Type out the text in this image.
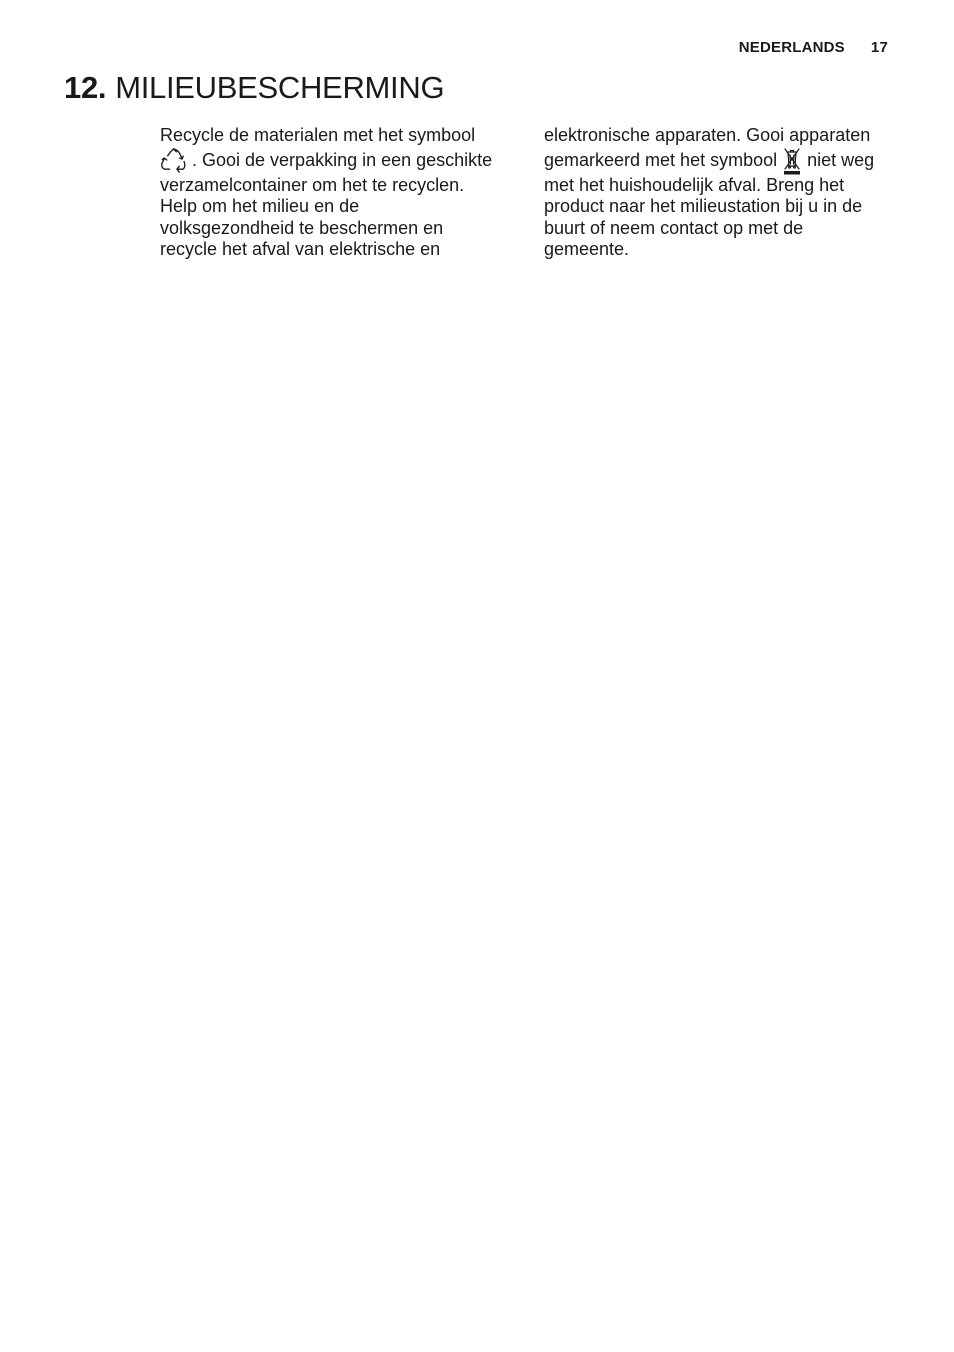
NEDERLANDS 17
12. MILIEUBESCHERMING
Recycle de materialen met het symbool
. Gooi de verpakking in een geschikte
verzamelcontainer om het te recyclen.
Help om het milieu en de
volksgezondheid te beschermen en
recycle het afval van elektrische en
elektronische apparaten. Gooi apparaten
gemarkeerd met het symbool niet weg
met het huishoudelijk afval. Breng het
product naar het milieustation bij u in de
buurt of neem contact op met de
gemeente.
